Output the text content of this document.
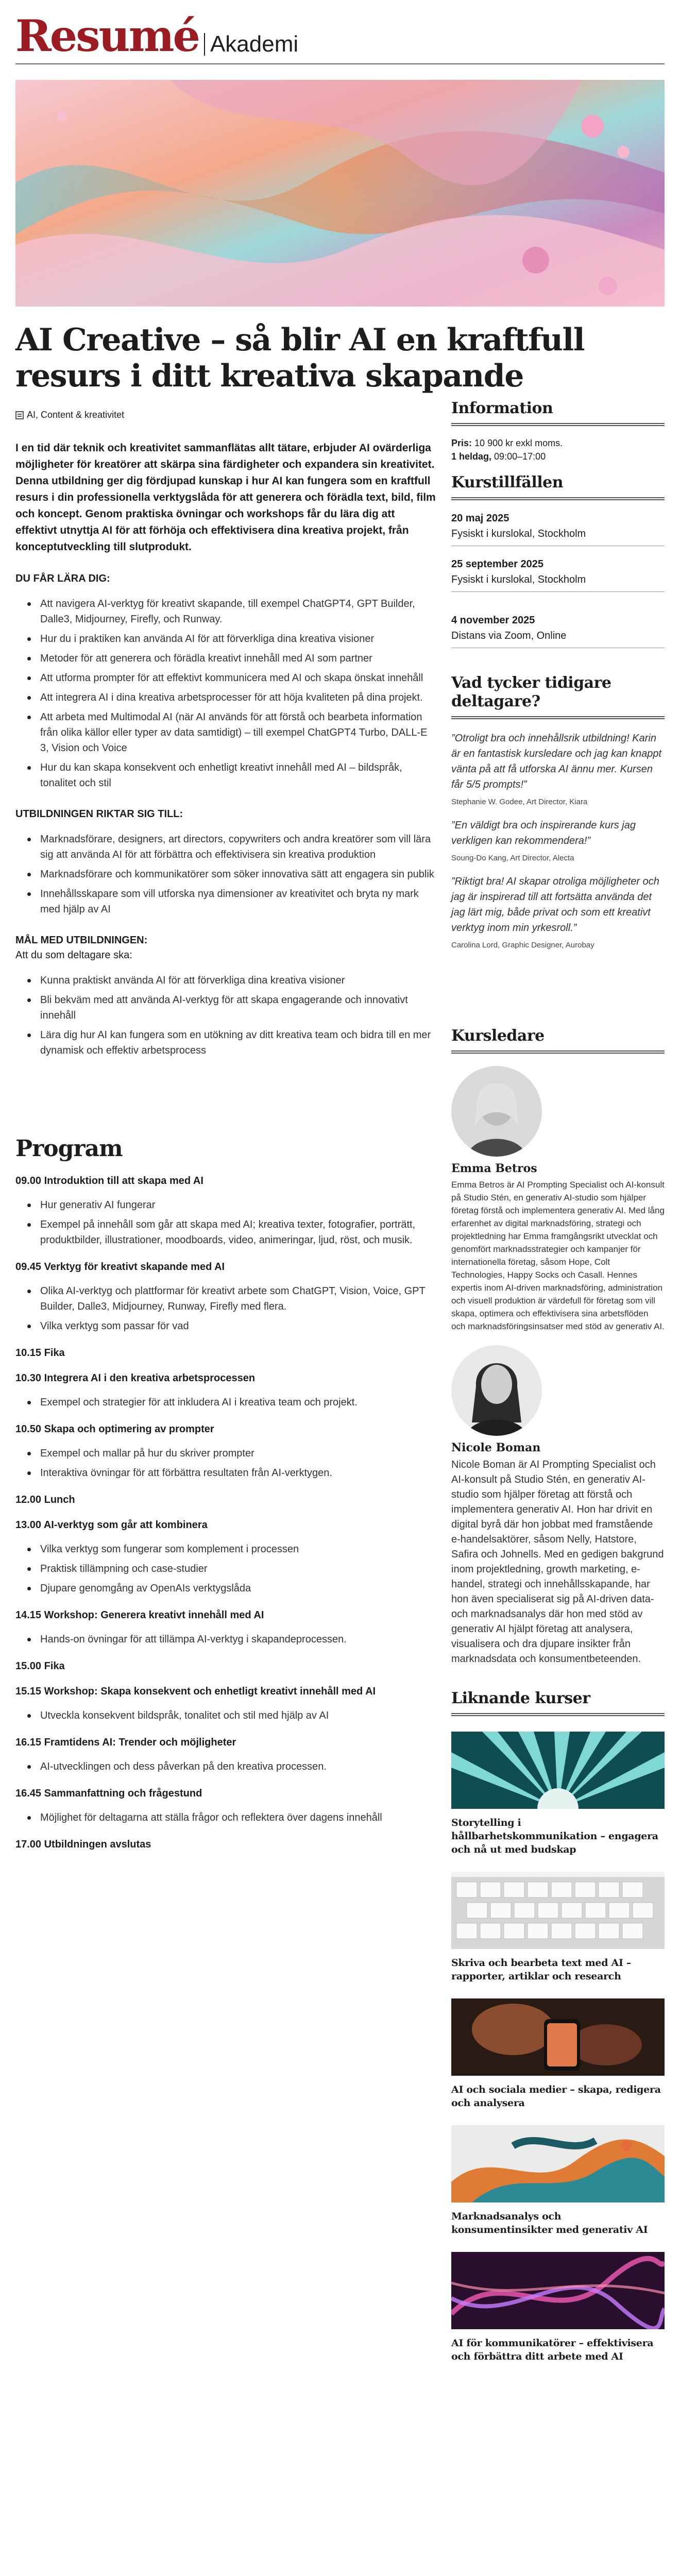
Resumé Akademi
AI Creative – så blir AI en kraftfull resurs i ditt kreativa skapande
AI, Content & kreativitet

I en tid där teknik och kreativitet sammanflätas allt tätare, erbjuder AI ovärderliga möjligheter för kreatörer att skärpa sina färdigheter och expandera sin kreativitet. Denna utbildning ger dig fördjupad kunskap i hur AI kan fungera som en kraftfull resurs i din professionella verktygslåda för att generera och förädla text, bild, film och koncept. Genom praktiska övningar och workshops får du lära dig att effektivt utnyttja AI för att förhöja och effektivisera dina kreativa projekt, från konceptutveckling till slutprodukt.

DU FÅR LÄRA DIG:
Att navigera AI-verktyg för kreativt skapande, till exempel ChatGPT4, GPT Builder, Dalle3, Midjourney, Firefly, och Runway.
Hur du i praktiken kan använda AI för att förverkliga dina kreativa visioner
Metoder för att generera och förädla kreativt innehåll med AI som partner
Att utforma prompter för att effektivt kommunicera med AI och skapa önskat innehåll
Att integrera AI i dina kreativa arbetsprocesser för att höja kvaliteten på dina projekt.
Att arbeta med Multimodal AI (när AI används för att förstå och bearbeta information från olika källor eller typer av data samtidigt) – till exempel ChatGPT4 Turbo, DALL-E 3, Vision och Voice
Hur du kan skapa konsekvent och enhetligt kreativt innehåll med AI – bildspråk, tonalitet och stil
UTBILDNINGEN RIKTAR SIG TILL:
Marknadsförare, designers, art directors, copywriters och andra kreatörer som vill lära sig att använda AI för att förbättra och effektivisera sin kreativa produktion
Marknadsförare och kommunikatörer som söker innovativa sätt att engagera sin publik
Innehållsskapare som vill utforska nya dimensioner av kreativitet och bryta ny mark med hjälp av AI
MÅL MED UTBILDNINGEN:
Att du som deltagare ska:
Kunna praktiskt använda AI för att förverkliga dina kreativa visioner
Bli bekväm med att använda AI-verktyg för att skapa engagerande och innovativt innehåll
Lära dig hur AI kan fungera som en utökning av ditt kreativa team och bidra till en mer dynamisk och effektiv arbetsprocess
Program
09.00 Introduktion till att skapa med AI
Hur generativ AI fungerar
Exempel på innehåll som går att skapa med AI; kreativa texter, fotografier, porträtt, produktbilder, illustrationer, moodboards, video, animeringar, ljud, röst, och musik.
09.45 Verktyg för kreativt skapande med AI
Olika AI-verktyg och plattformar för kreativt arbete som ChatGPT, Vision, Voice, GPT Builder, Dalle3, Midjourney, Runway, Firefly med flera.
Vilka verktyg som passar för vad
10.15 Fika
10.30 Integrera AI i den kreativa arbetsprocessen
Exempel och strategier för att inkludera AI i kreativa team och projekt.
10.50 Skapa och optimering av prompter
Exempel och mallar på hur du skriver prompter
Interaktiva övningar för att förbättra resultaten från AI-verktygen.
12.00 Lunch
13.00 AI-verktyg som går att kombinera
Vilka verktyg som fungerar som komplement i processen
Praktisk tillämpning och case-studier
Djupare genomgång av OpenAIs verktygslåda
14.15 Workshop: Generera kreativt innehåll med AI
Hands-on övningar för att tillämpa AI-verktyg i skapandeprocessen.
15.00 Fika
15.15 Workshop: Skapa konsekvent och enhetligt kreativt innehåll med AI
Utveckla konsekvent bildspråk, tonalitet och stil med hjälp av AI
16.15 Framtidens AI: Trender och möjligheter
AI-utvecklingen och dess påverkan på den kreativa processen.
16.45 Sammanfattning och frågestund
Möjlighet för deltagarna att ställa frågor och reflektera över dagens innehåll
17.00 Utbildningen avslutas
Information
Pris: 10 900 kr exkl moms.
1 heldag, 09:00–17:00
Kurstillfällen
20 maj 2025
Fysiskt i kurslokal, Stockholm
25 september 2025
Fysiskt i kurslokal, Stockholm
4 november 2025
Distans via Zoom, Online
Vad tycker tidigare deltagare?
”Otroligt bra och innehållsrik utbildning! Karin är en fantastisk kursledare och jag kan knappt vänta på att få utforska AI ännu mer. Kursen får 5/5 prompts!”
Stephanie W. Godee, Art Director, Kiara
”En väldigt bra och inspirerande kurs jag verkligen kan rekommendera!”
Soung-Do Kang, Art Director, Alecta
”Riktigt bra! AI skapar otroliga möjligheter och jag är inspirerad till att fortsätta använda det jag lärt mig, både privat och som ett kreativt verktyg inom min yrkesroll.”
Carolina Lord, Graphic Designer, Aurobay
Kursledare
Emma Betros
Emma Betros är AI Prompting Specialist och AI-konsult på Studio Stén, en generativ AI-studio som hjälper företag förstå och implementera generativ AI. Med lång erfarenhet av digital marknadsföring, strategi och projektledning har Emma framgångsrikt utvecklat och genomfört marknadsstrategier och kampanjer för internationella företag, såsom Hope, Colt Technologies, Happy Socks och Casall. Hennes expertis inom AI-driven marknadsföring, administration och visuell produktion är värdefull för företag som vill skapa, optimera och effektivisera sina arbetsflöden och marknadsföringsinsatser med stöd av generativ AI.
Nicole Boman
Nicole Boman är AI Prompting Specialist och AI-konsult på Studio Stén, en generativ AI-studio som hjälper företag att förstå och implementera generativ AI. Hon har drivit en digital byrå där hon jobbat med framstående e-handelsaktörer, såsom Nelly, Hatstore, Safira och Johnells. Med en gedigen bakgrund inom projektledning, growth marketing, e-handel, strategi och innehållsskapande, har hon även specialiserat sig på AI-driven data- och marknadsanalys där hon med stöd av generativ AI hjälpt företag att analysera, visualisera och dra djupare insikter från marknadsdata och konsumentbeteenden.
Liknande kurser
Storytelling i hållbarhetskommunikation – engagera och nå ut med budskap
Skriva och bearbeta text med AI – rapporter, artiklar och research
AI och sociala medier – skapa, redigera och analysera
Marknadsanalys och konsumentinsikter med generativ AI
AI för kommunikatörer – effektivisera och förbättra ditt arbete med AI
